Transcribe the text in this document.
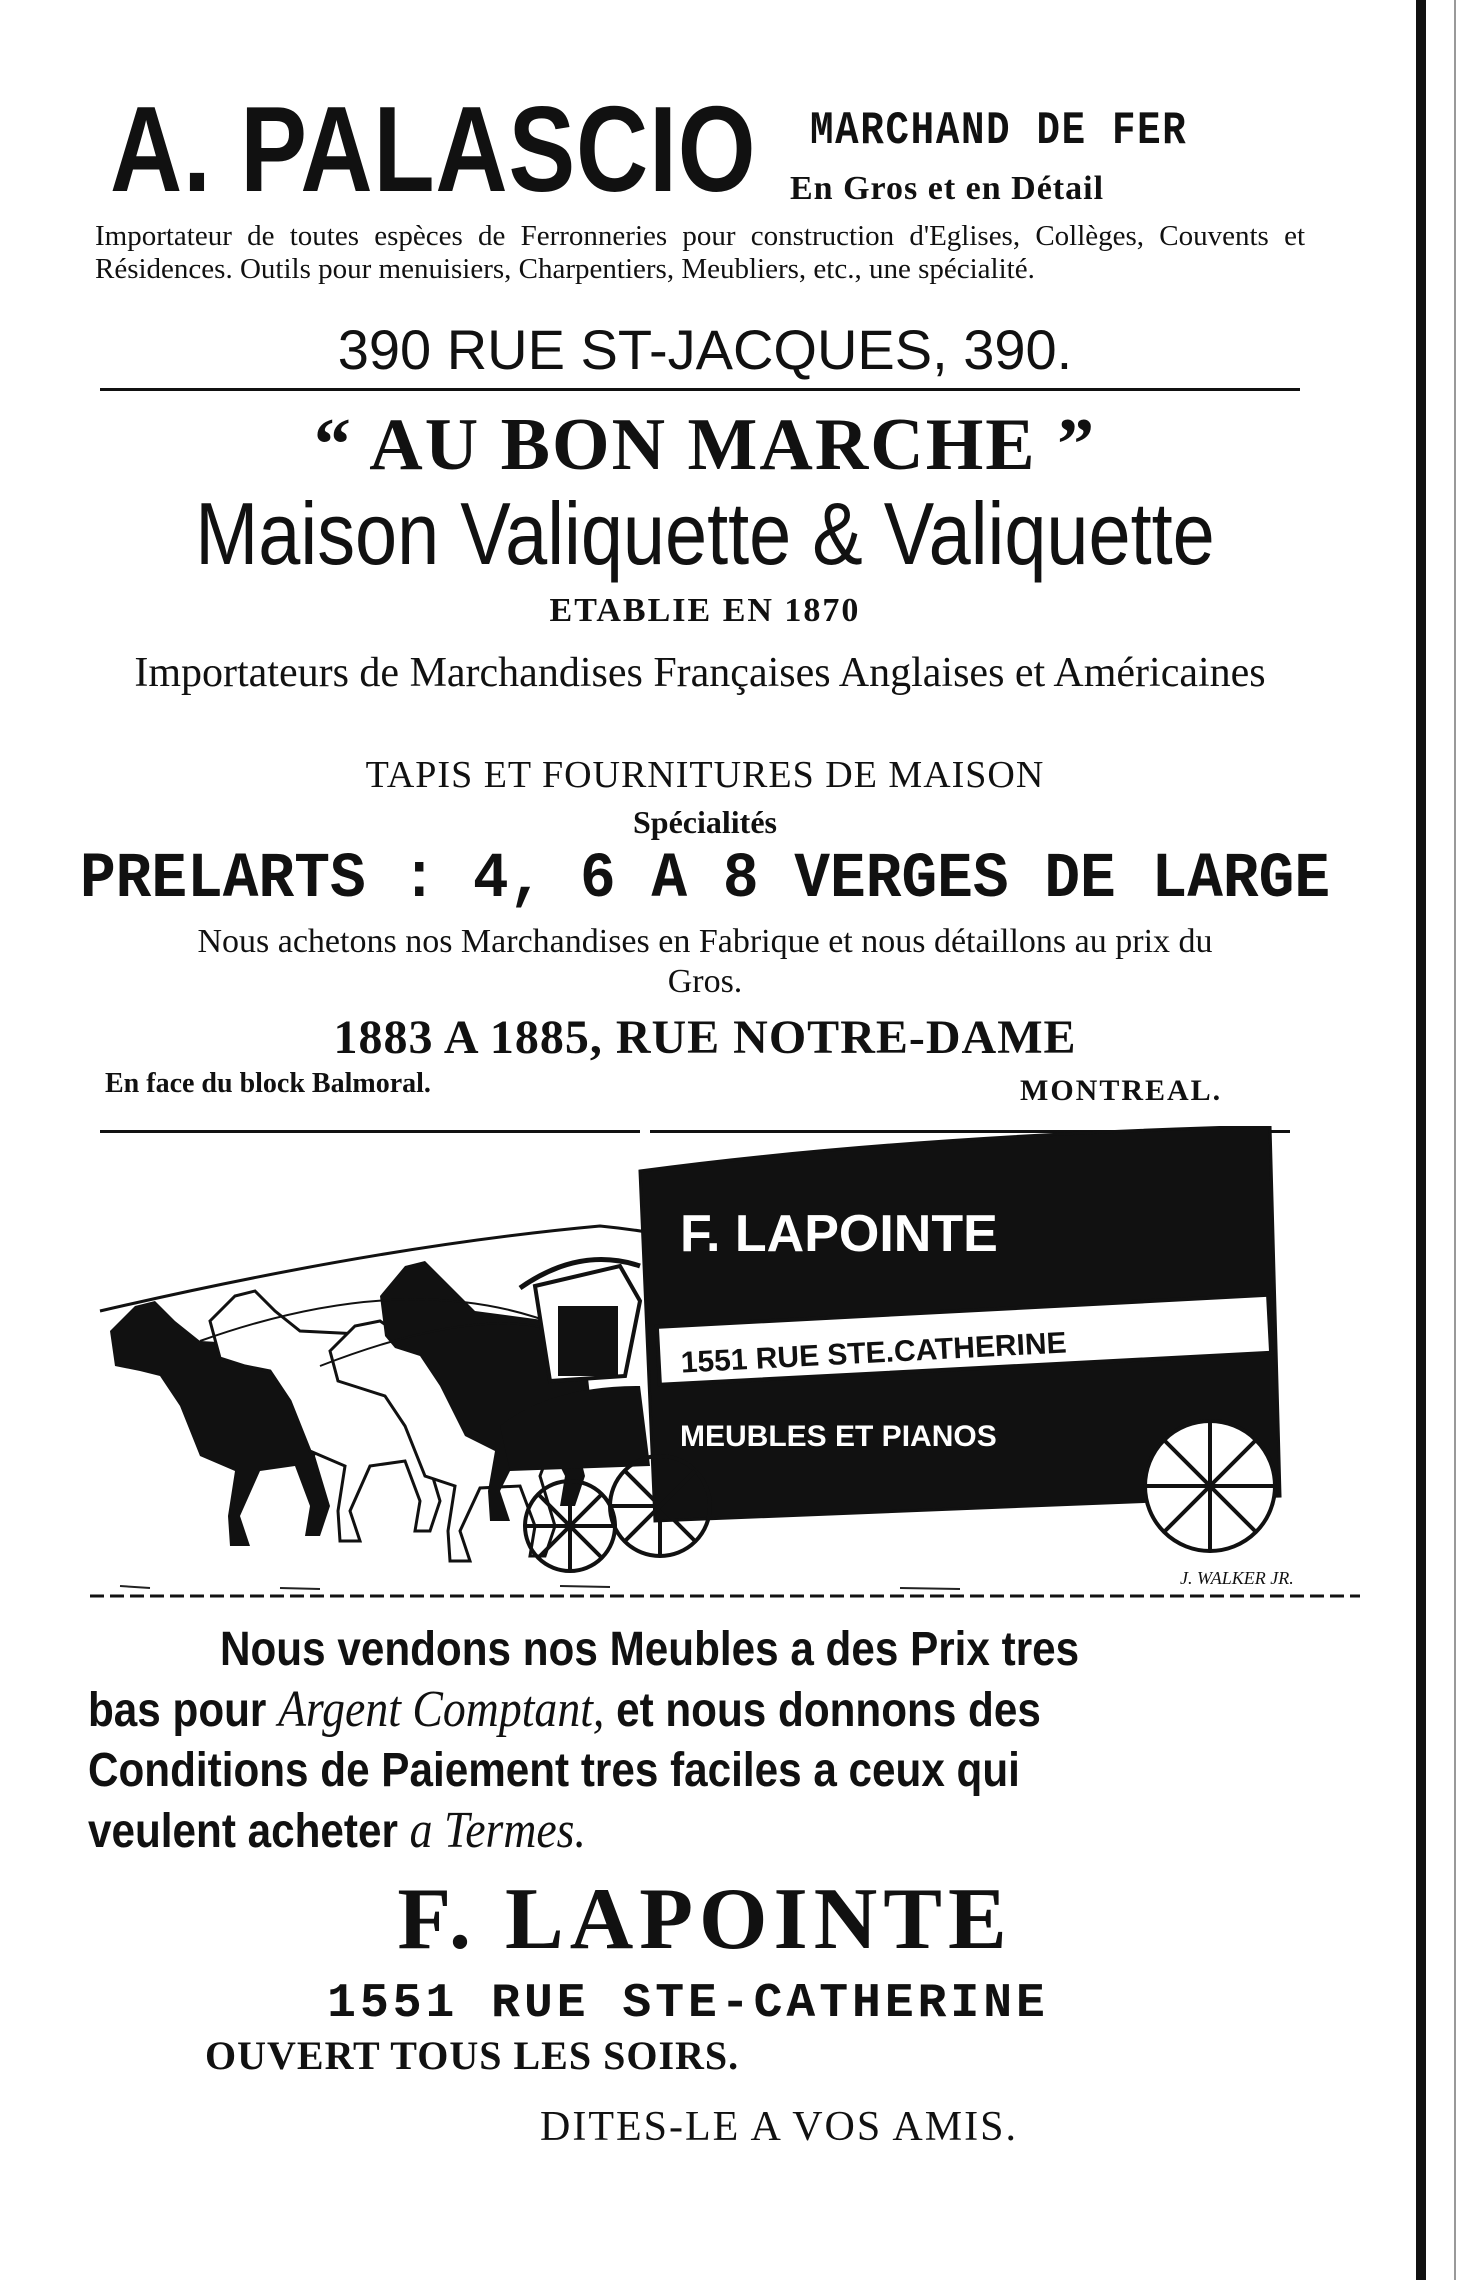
A. PALASCIO MARCHAND DE FER
En Gros et en Détail
Importateur de toutes espèces de Ferronneries pour construction d'Eglises, Collèges, Couvents et Résidences. Outils pour menuisiers, Charpentiers, Meubliers, etc., une spécialité.
390 RUE ST-JACQUES, 390.
“ AU BON MARCHE ”
Maison Valiquette & Valiquette
ETABLIE EN 1870
Importateurs de Marchandises Françaises Anglaises et Américaines
TAPIS ET FOURNITURES DE MAISON
Spécialités
PRELARTS : 4, 6 A 8 VERGES DE LARGE
Nous achetons nos Marchandises en Fabrique et nous détaillons au prix du Gros.
1883 A 1885, RUE NOTRE-DAME
En face du block Balmoral.	MONTREAL.
F. LAPOINTE
1551 RUE STE.CATHERINE
MEUBLES ET PIANOS
J. WALKER JR.
Nous vendons nos Meubles a des Prix tres bas pour Argent Comptant, et nous donnons des Conditions de Paiement tres faciles a ceux qui veulent acheter a Termes.
F. LAPOINTE
1551 RUE STE-CATHERINE
OUVERT TOUS LES SOIRS.
DITES-LE A VOS AMIS.
